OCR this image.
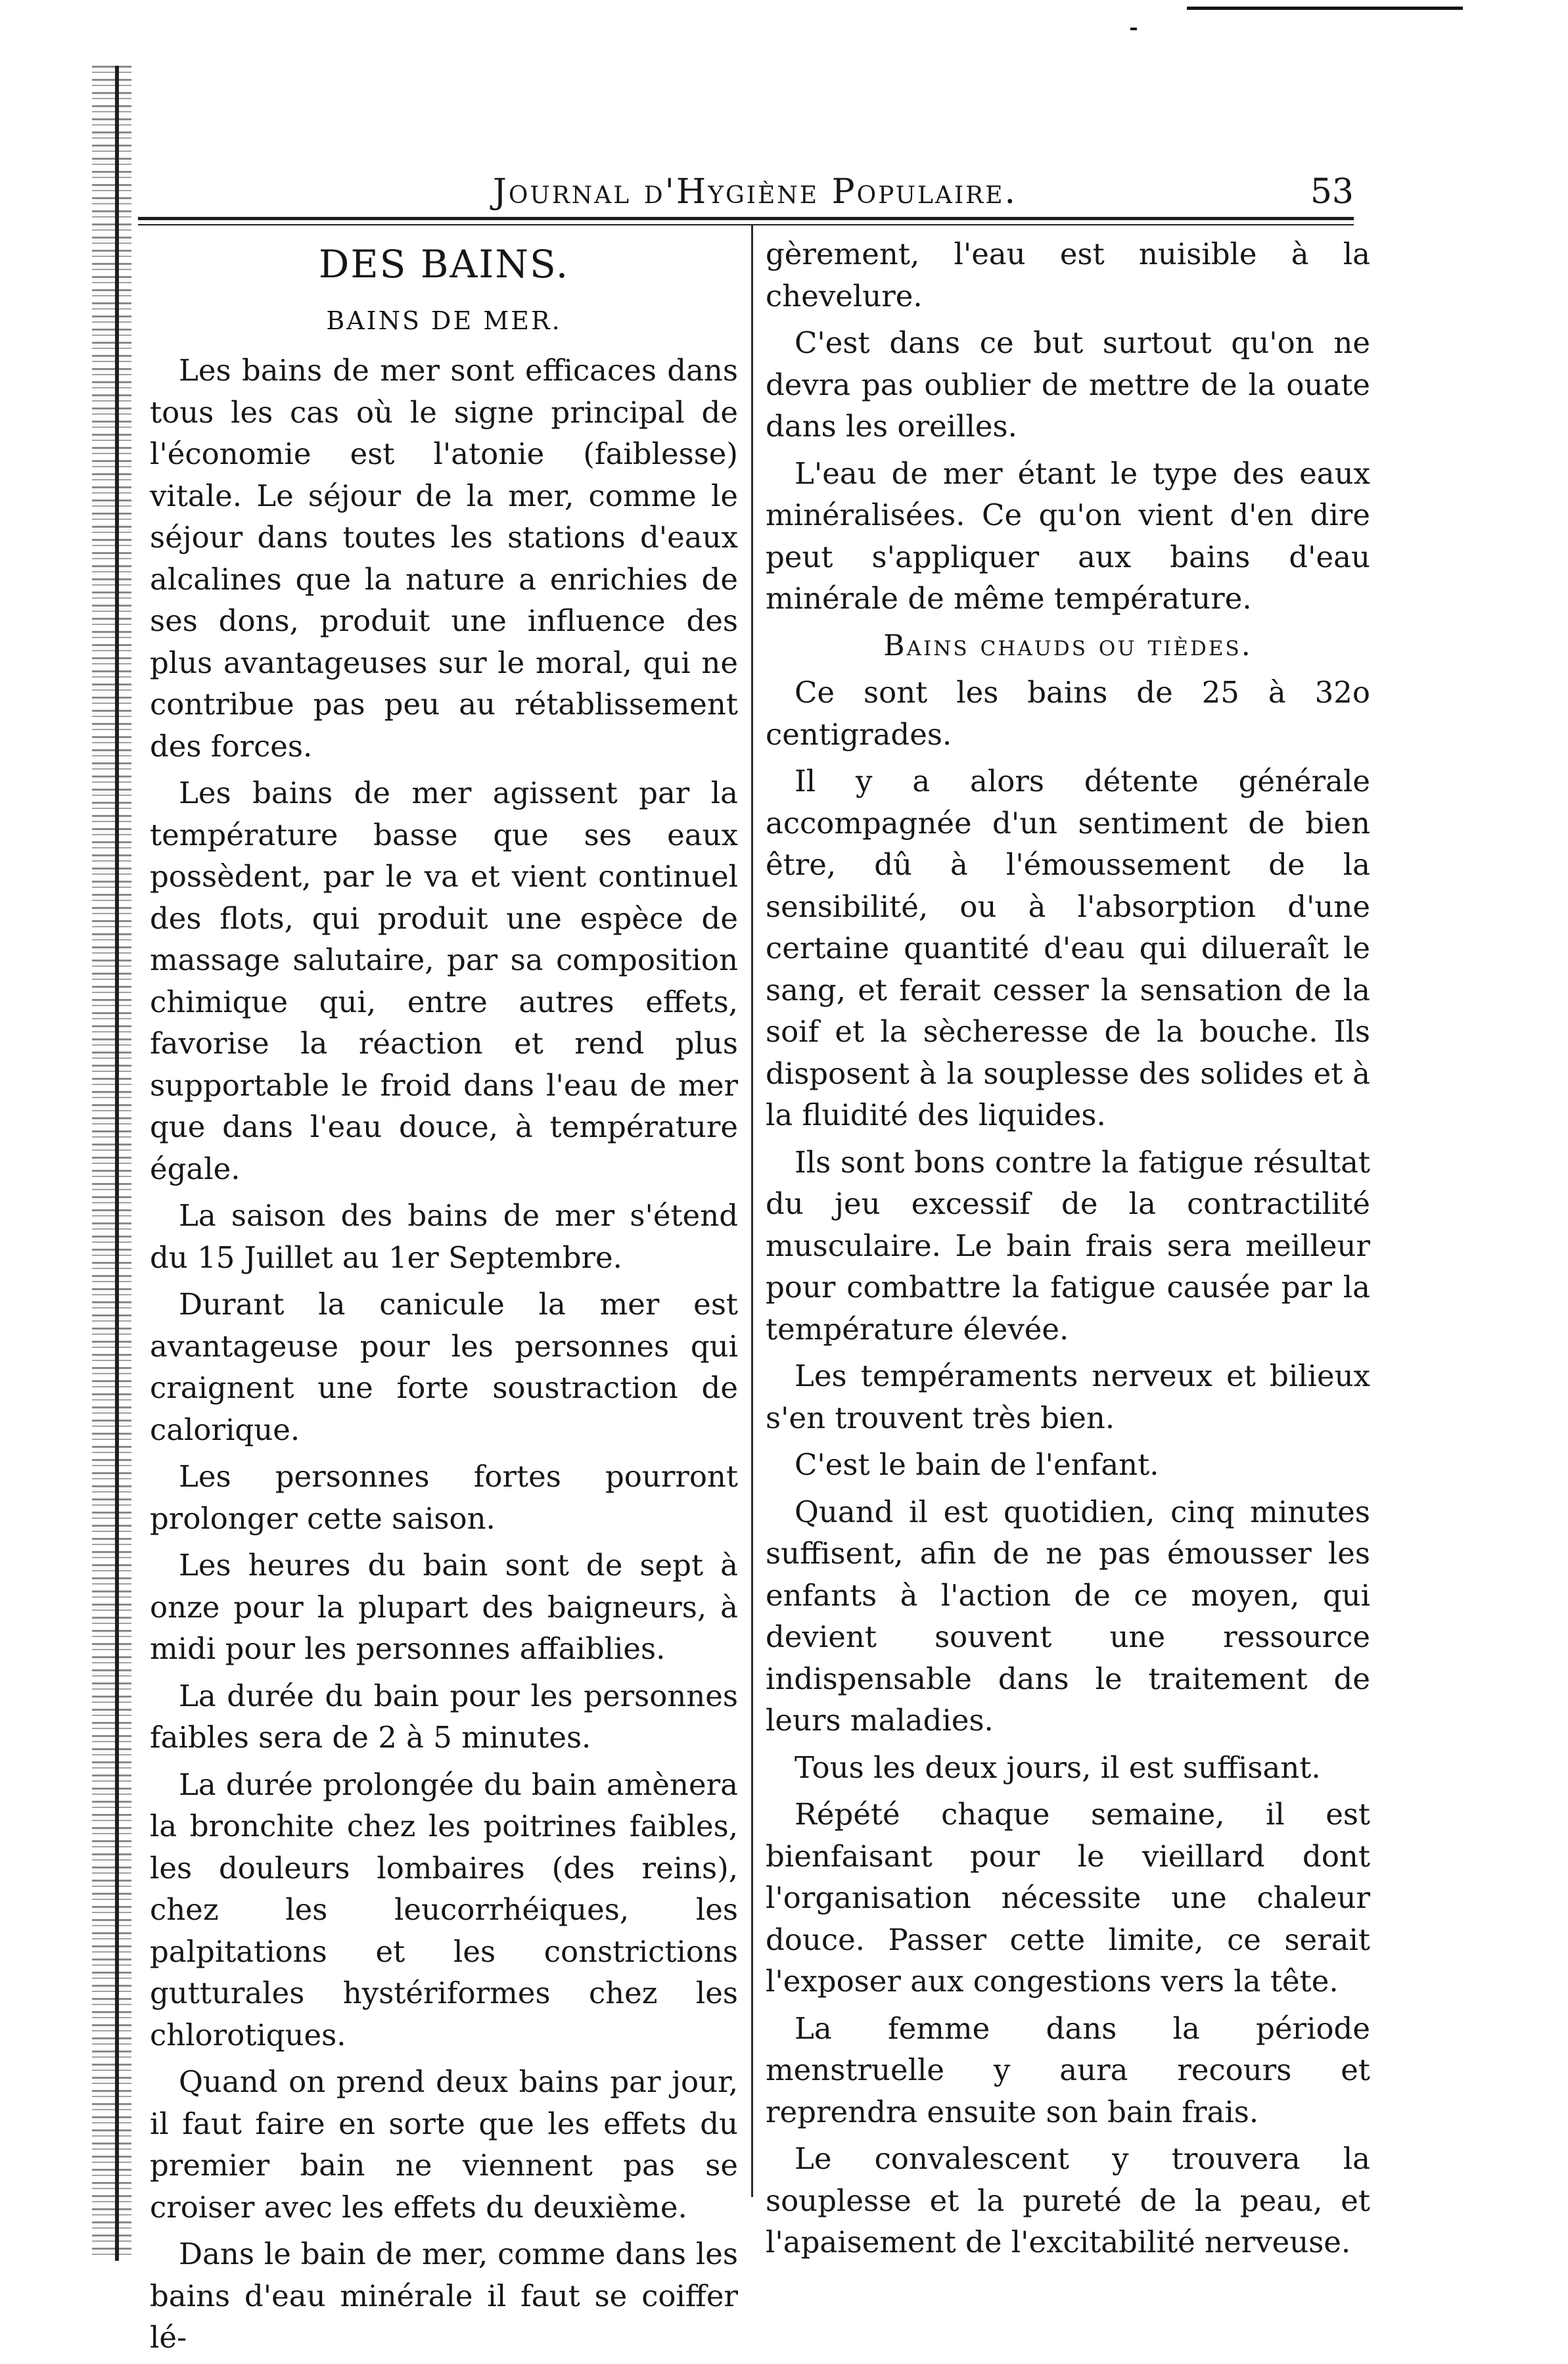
Journal d'Hygiène Populaire.	53
DES BAINS.
BAINS DE MER.

Les bains de mer sont efficaces dans tous les cas où le signe principal de l'économie est l'atonie (faiblesse) vitale. Le séjour de la mer, comme le séjour dans toutes les stations d'eaux alcalines que la nature a enrichies de ses dons, produit une influence des plus avantageuses sur le moral, qui ne contribue pas peu au rétablissement des forces.

Les bains de mer agissent par la température basse que ses eaux possèdent, par le va et vient continuel des flots, qui produit une espèce de massage salutaire, par sa composition chimique qui, entre autres effets, favorise la réaction et rend plus supportable le froid dans l'eau de mer que dans l'eau douce, à température égale.

La saison des bains de mer s'étend du 15 Juillet au 1er Septembre.

Durant la canicule la mer est avantageuse pour les personnes qui craignent une forte soustraction de calorique.

Les personnes fortes pourront prolonger cette saison.

Les heures du bain sont de sept à onze pour la plupart des baigneurs, à midi pour les personnes affaiblies.

La durée du bain pour les personnes faibles sera de 2 à 5 minutes.

La durée prolongée du bain amènera la bronchite chez les poitrines faibles, les douleurs lombaires (des reins), chez les leucorrhéiques, les palpitations et les constrictions gutturales hystériformes chez les chlorotiques.

Quand on prend deux bains par jour, il faut faire en sorte que les effets du premier bain ne viennent pas se croiser avec les effets du deuxième.

Dans le bain de mer, comme dans les bains d'eau minérale il faut se coiffer lé-

gèrement, l'eau est nuisible à la chevelure.

C'est dans ce but surtout qu'on ne devra pas oublier de mettre de la ouate dans les oreilles.

L'eau de mer étant le type des eaux minéralisées. Ce qu'on vient d'en dire peut s'appliquer aux bains d'eau minérale de même température.

Bains chauds ou tièdes.

Ce sont les bains de 25 à 32o centigrades.

Il y a alors détente générale accompagnée d'un sentiment de bien être, dû à l'émoussement de la sensibilité, ou à l'absorption d'une certaine quantité d'eau qui dilueraît le sang, et ferait cesser la sensation de la soif et la sècheresse de la bouche. Ils disposent à la souplesse des solides et à la fluidité des liquides.

Ils sont bons contre la fatigue résultat du jeu excessif de la contractilité musculaire. Le bain frais sera meilleur pour combattre la fatigue causée par la température élevée.

Les tempéraments nerveux et bilieux s'en trouvent très bien.

C'est le bain de l'enfant.

Quand il est quotidien, cinq minutes suffisent, afin de ne pas émousser les enfants à l'action de ce moyen, qui devient souvent une ressource indispensable dans le traitement de leurs maladies.

Tous les deux jours, il est suffisant.

Répété chaque semaine, il est bienfaisant pour le vieillard dont l'organisation nécessite une chaleur douce. Passer cette limite, ce serait l'exposer aux congestions vers la tête.

La femme dans la période menstruelle y aura recours et reprendra ensuite son bain frais.

Le convalescent y trouvera la souplesse et la pureté de la peau, et l'apaisement de l'excitabilité nerveuse.
